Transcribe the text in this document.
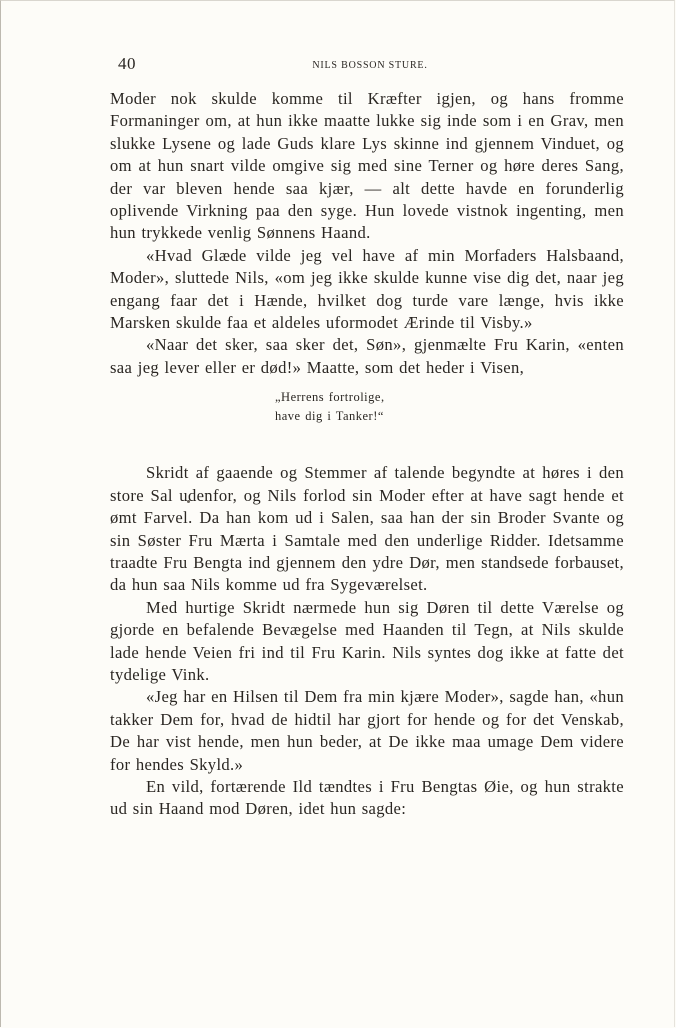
40	NILS BOSSON STURE.

Moder nok skulde komme til Kræfter igjen, og hans fromme Formaninger om, at hun ikke maatte lukke sig inde som i en Grav, men slukke Lysene og lade Guds klare Lys skinne ind gjennem Vinduet, og om at hun snart vilde omgive sig med sine Terner og høre deres Sang, der var bleven hende saa kjær, — alt dette havde en forunderlig oplivende Virkning paa den syge. Hun lovede vistnok ingenting, men hun trykkede venlig Sønnens Haand.

«Hvad Glæde vilde jeg vel have af min Morfaders Halsbaand, Moder», sluttede Nils, «om jeg ikke skulde kunne vise dig det, naar jeg engang faar det i Hænde, hvilket dog turde vare længe, hvis ikke Marsken skulde faa et aldeles uformodet Ærinde til Visby.»

«Naar det sker, saa sker det, Søn», gjenmælte Fru Karin, «enten saa jeg lever eller er død!» Maatte, som det heder i Visen,

„Herrens fortrolige,
have dig i Tanker!“

Skridt af gaaende og Stemmer af talende begyndte at høres i den store Sal udenfor, og Nils forlod sin Moder efter at have sagt hende et ømt Farvel. Da han kom ud i Salen, saa han der sin Broder Svante og sin Søster Fru Mærta i Samtale med den underlige Ridder. Idetsamme traadte Fru Bengta ind gjennem den ydre Dør, men standsede forbauset, da hun saa Nils komme ud fra Sygeværelset.

Med hurtige Skridt nærmede hun sig Døren til dette Værelse og gjorde en befalende Bevægelse med Haanden til Tegn, at Nils skulde lade hende Veien fri ind til Fru Karin. Nils syntes dog ikke at fatte det tydelige Vink.

«Jeg har en Hilsen til Dem fra min kjære Moder», sagde han, «hun takker Dem for, hvad de hidtil har gjort for hende og for det Venskab, De har vist hende, men hun beder, at De ikke maa umage Dem videre for hendes Skyld.»

En vild, fortærende Ild tændtes i Fru Bengtas Øie, og hun strakte ud sin Haand mod Døren, idet hun sagde:
